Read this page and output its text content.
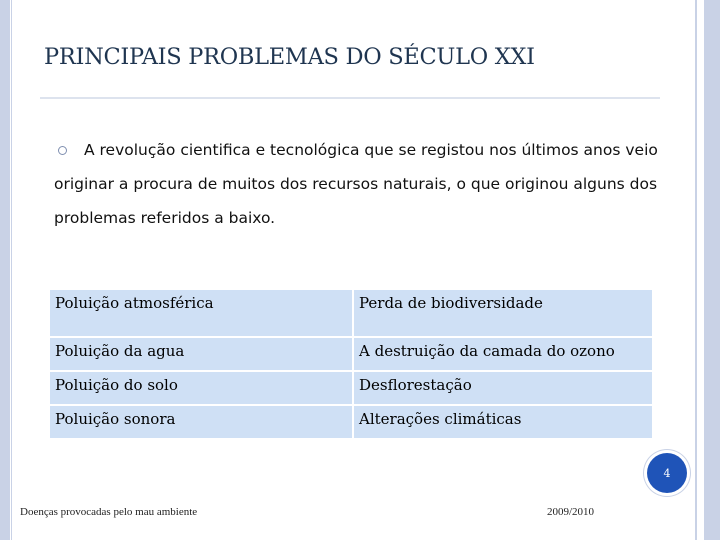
PRINCIPAIS PROBLEMAS DO SÉCULO XXI
A revolução cientifica e tecnológica que se registou nos últimos anos veio originar a procura de muitos dos recursos naturais, o que originou alguns dos problemas referidos a baixo.
Poluição atmosférica	Perda de biodiversidade
Poluição da agua	A destruição da camada do ozono
Poluição do solo	Desflorestação
Poluição sonora	Alterações climáticas
4
Doenças provocadas pelo mau ambiente	2009/2010
